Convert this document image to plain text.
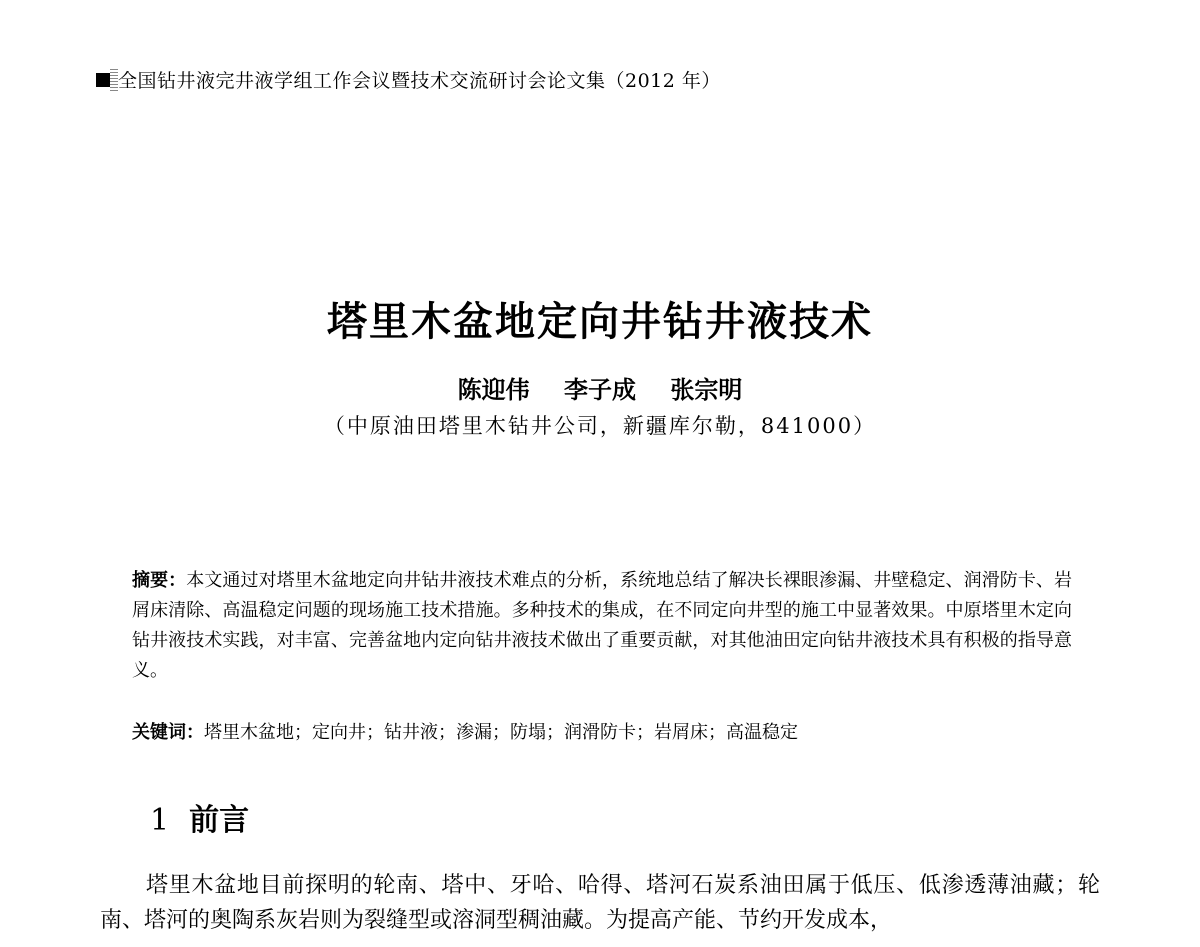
全国钻井液完井液学组工作会议暨技术交流研讨会论文集（2012 年）
塔里木盆地定向井钻井液技术
陈迎伟 李子成 张宗明
（中原油田塔里木钻井公司，新疆库尔勒，841000）
摘要：本文通过对塔里木盆地定向井钻井液技术难点的分析，系统地总结了解决长裸眼渗漏、井壁稳定、润滑防卡、岩屑床清除、高温稳定问题的现场施工技术措施。多种技术的集成，在不同定向井型的施工中显著效果。中原塔里木定向钻井液技术实践，对丰富、完善盆地内定向钻井液技术做出了重要贡献，对其他油田定向钻井液技术具有积极的指导意义。
关键词：塔里木盆地；定向井；钻井液；渗漏；防塌；润滑防卡；岩屑床；高温稳定
1 前言
塔里木盆地目前探明的轮南、塔中、牙哈、哈得、塔河石炭系油田属于低压、低渗透薄油藏；轮南、塔河的奥陶系灰岩则为裂缝型或溶洞型稠油藏。为提高产能、节约开发成本，
